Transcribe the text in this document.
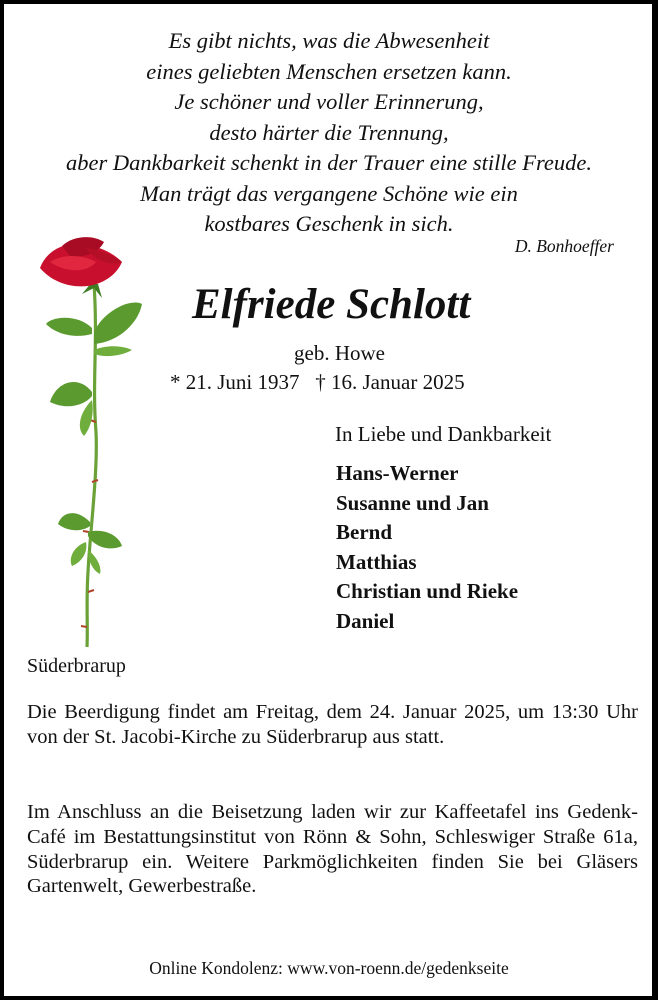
Es gibt nichts, was die Abwesenheit
eines geliebten Menschen ersetzen kann.
Je schöner und voller Erinnerung,
desto härter die Trennung,
aber Dankbarkeit schenkt in der Trauer eine stille Freude.
Man trägt das vergangene Schöne wie ein
kostbares Geschenk in sich.
D. Bonhoeffer
Elfriede Schlott
geb. Howe
* 21. Juni 1937   † 16. Januar 2025
In Liebe und Dankbarkeit
Hans-Werner
Susanne und Jan
Bernd
Matthias
Christian und Rieke
Daniel
Süderbrarup
Die Beerdigung findet am Freitag, dem 24. Januar 2025, um 13:30 Uhr von der St. Jacobi-Kirche zu Süderbrarup aus statt.
Im Anschluss an die Beisetzung laden wir zur Kaffeetafel ins Gedenk-Café im Bestattungsinstitut von Rönn & Sohn, Schleswiger Straße 61a, Süderbrarup ein. Weitere Parkmöglichkeiten finden Sie bei Gläsers Gartenwelt, Gewerbestraße.
Online Kondolenz: www.von-roenn.de/gedenkseite
